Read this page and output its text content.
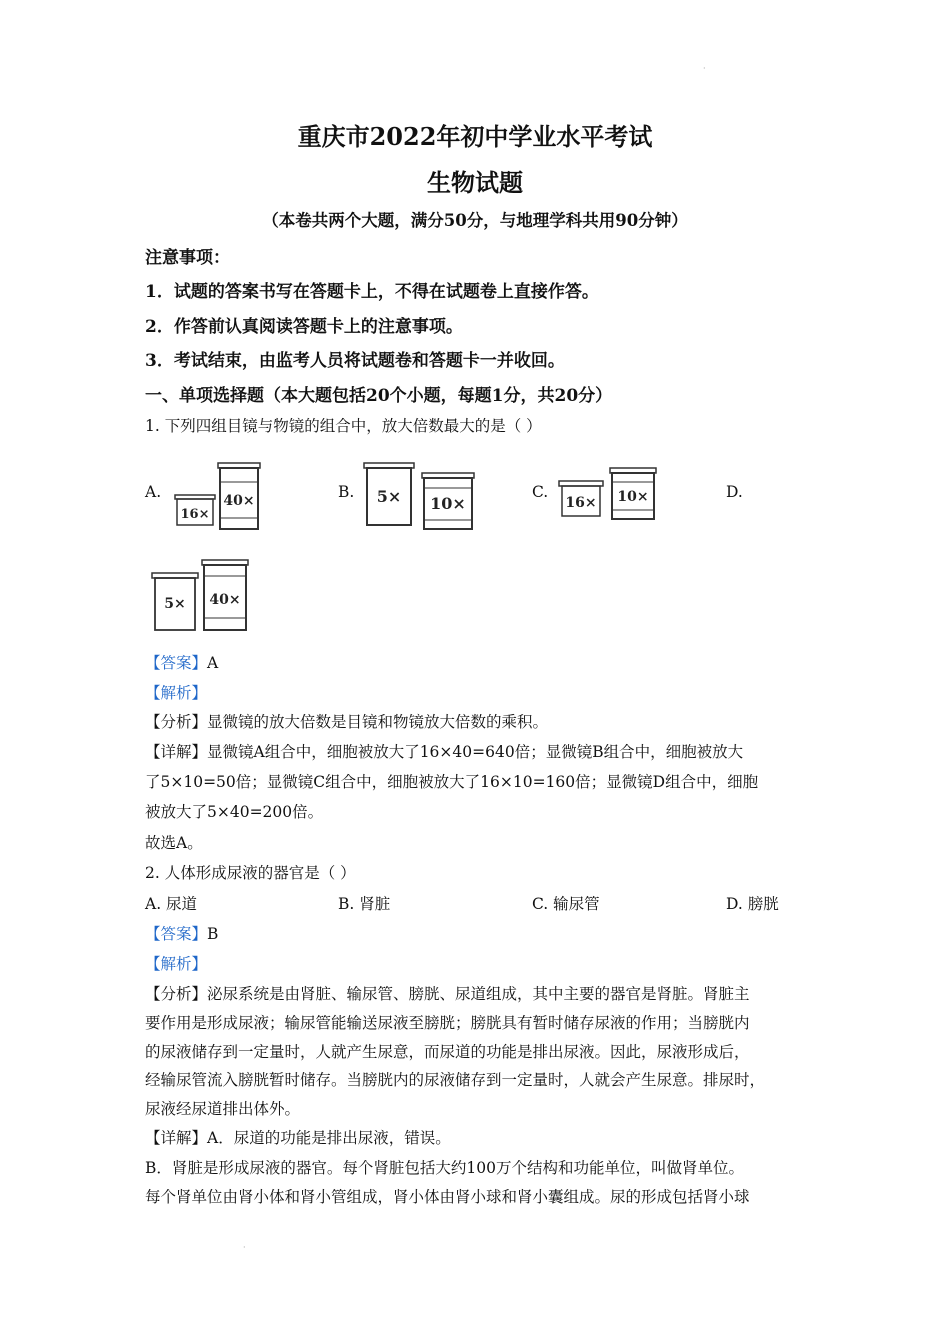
·
重庆市2022年初中学业水平考试
生物试题
（本卷共两个大题，满分50分，与地理学科共用90分钟）
注意事项：
1．试题的答案书写在答题卡上，不得在试题卷上直接作答。
2．作答前认真阅读答题卡上的注意事项。
3．考试结束，由监考人员将试题卷和答题卡一并收回。
一、单项选择题（本大题包括20个小题，每题1分，共20分）
1. 下列四组目镜与物镜的组合中，放大倍数最大的是（ ）
A.
16×
40×	B. 5× 10×
C.
16× 10×	D.
5× 40×
【答案】A
【解析】
【分析】显微镜的放大倍数是目镜和物镜放大倍数的乘积。
【详解】显微镜A组合中，细胞被放大了16×40=640倍；显微镜B组合中，细胞被放大
了5×10=50倍；显微镜C组合中，细胞被放大了16×10=160倍；显微镜D组合中，细胞
被放大了5×40=200倍。
故选A。
2. 人体形成尿液的器官是（ ）
A. 尿道	B. 肾脏	C. 输尿管	D. 膀胱
【答案】B
【解析】
【分析】泌尿系统是由肾脏、输尿管、膀胱、尿道组成，其中主要的器官是肾脏。肾脏主
要作用是形成尿液；输尿管能输送尿液至膀胱；膀胱具有暂时储存尿液的作用；当膀胱内
的尿液储存到一定量时，人就产生尿意，而尿道的功能是排出尿液。因此，尿液形成后，
经输尿管流入膀胱暂时储存。当膀胱内的尿液储存到一定量时，人就会产生尿意。排尿时，
尿液经尿道排出体外。
【详解】A．尿道的功能是排出尿液，错误。
B．肾脏是形成尿液的器官。每个肾脏包括大约100万个结构和功能单位，叫做肾单位。
每个肾单位由肾小体和肾小管组成，肾小体由肾小球和肾小囊组成。尿的形成包括肾小球
·
